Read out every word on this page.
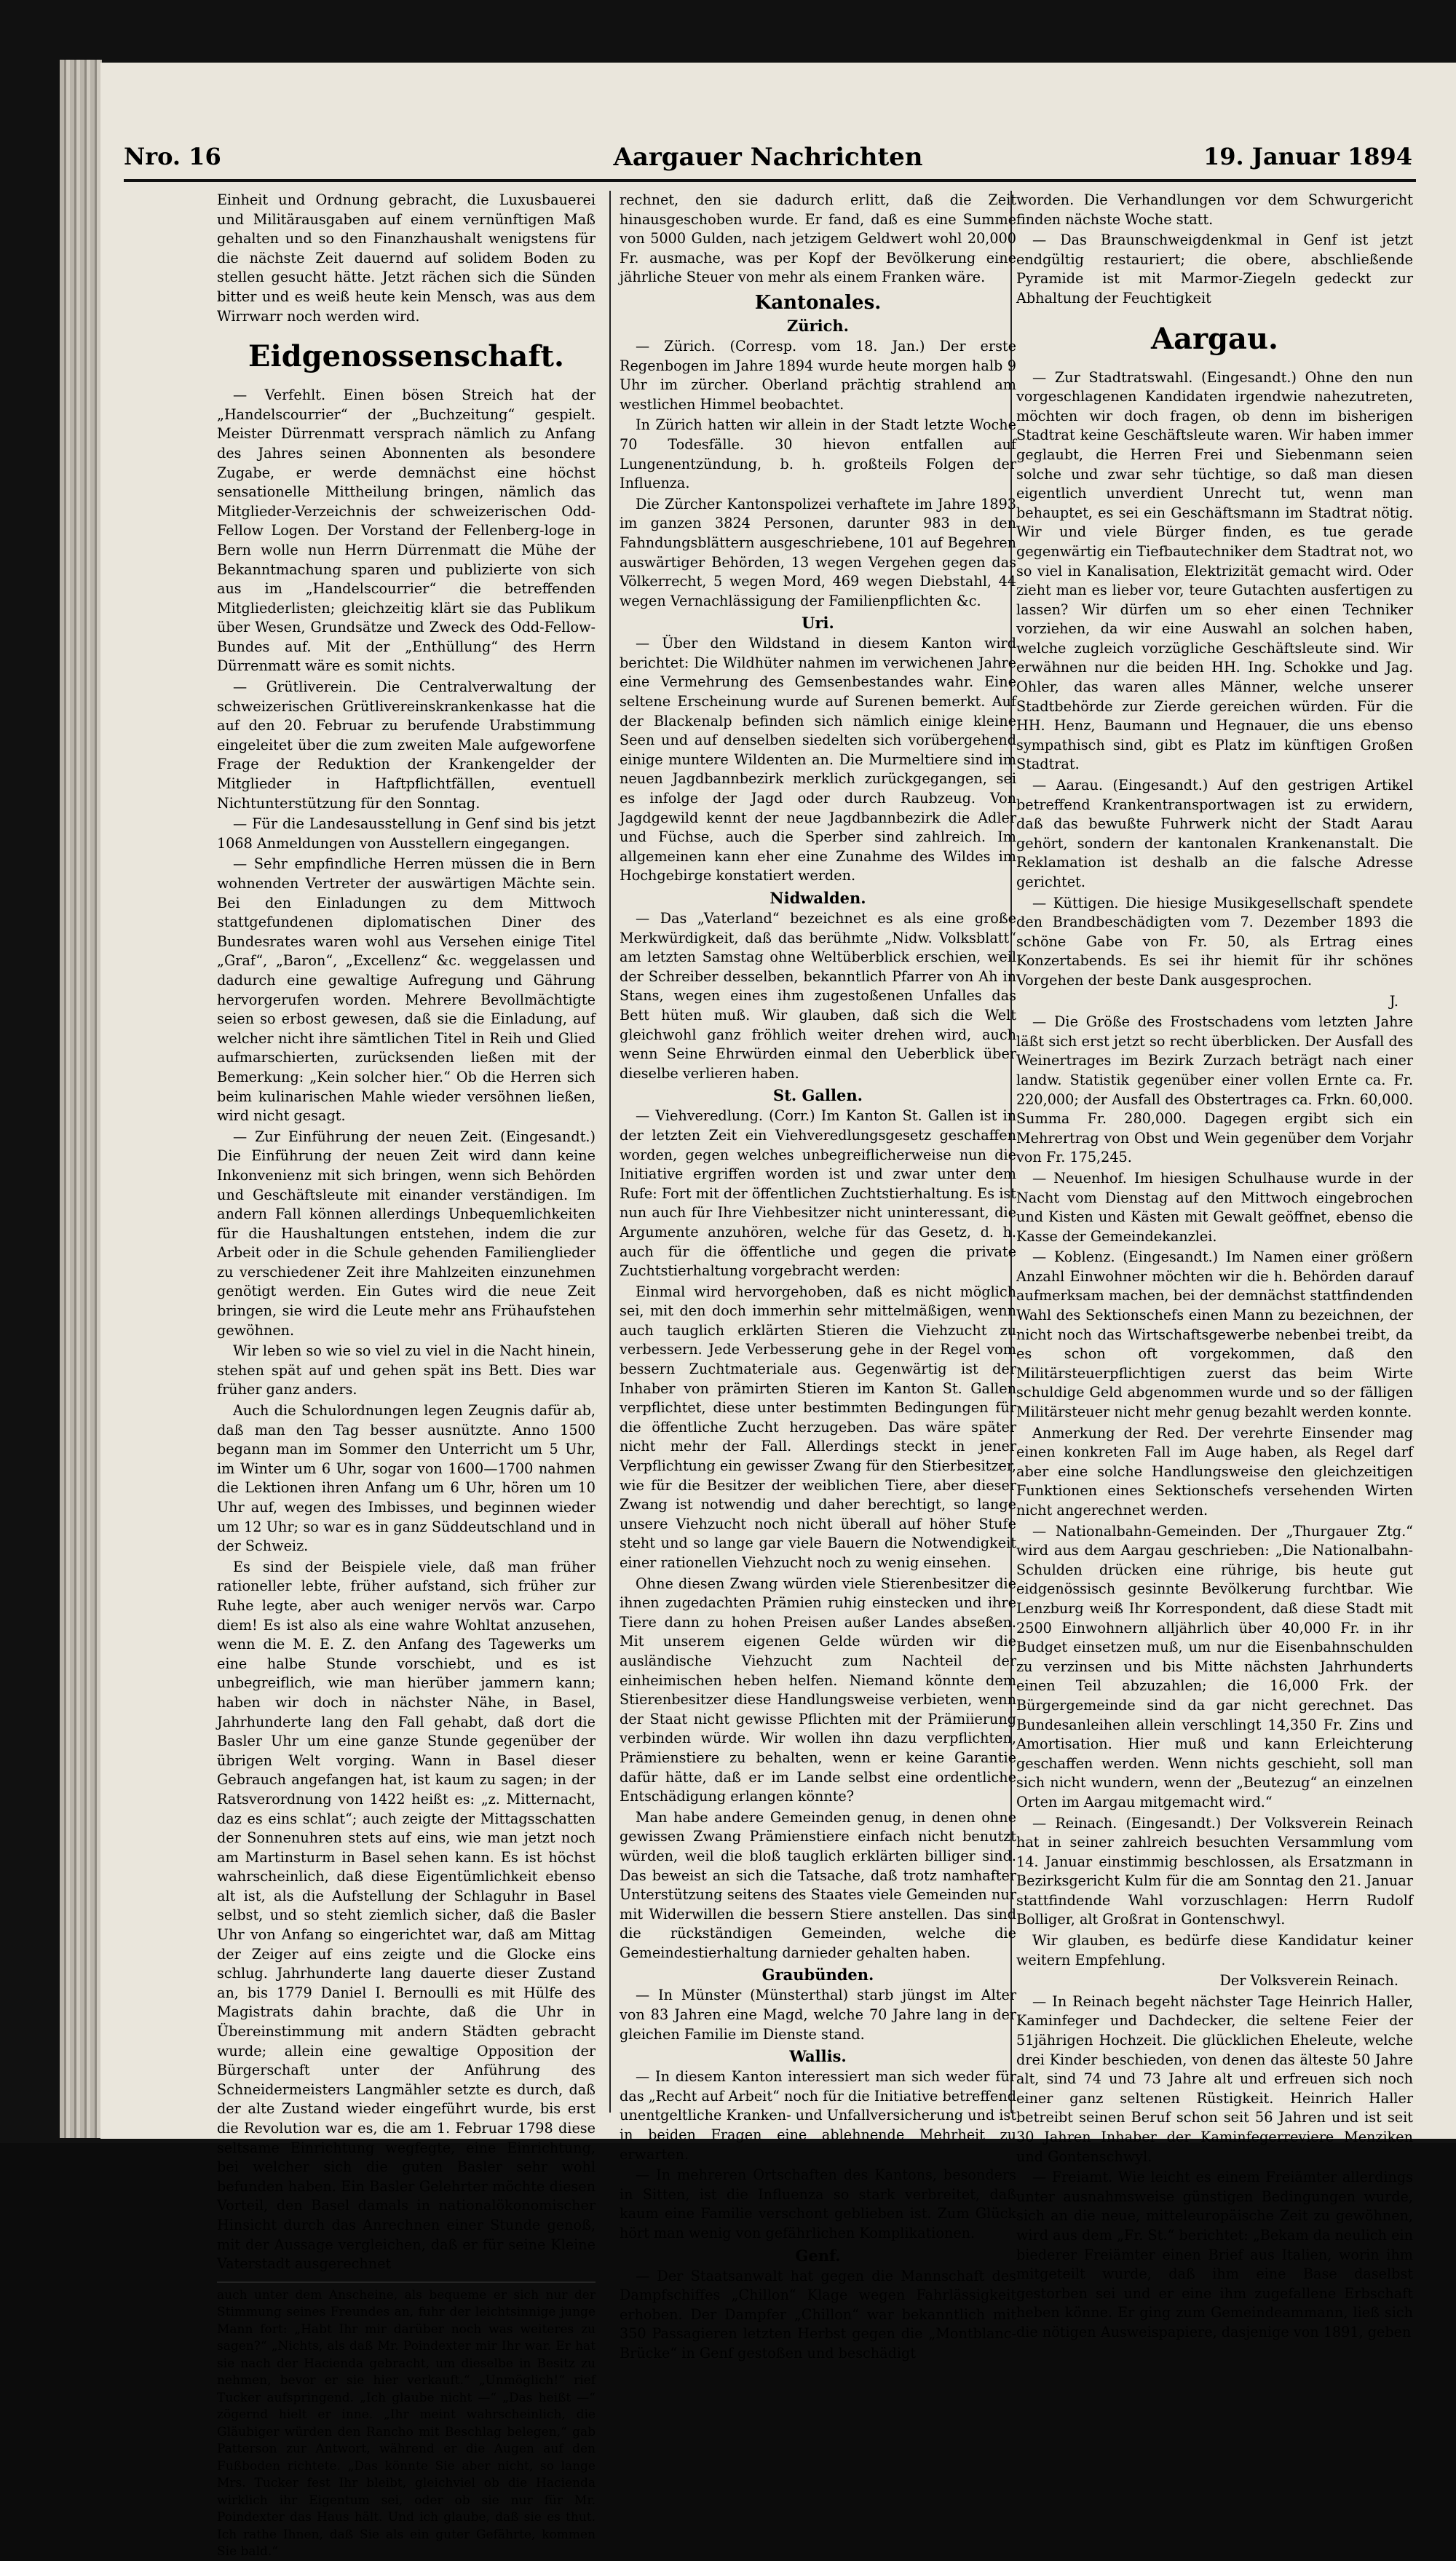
Nro. 16	Aargauer Nachrichten	19. Januar 1894

Einheit und Ordnung gebracht, die Luxusbauerei und Militärausgaben auf einem vernünftigen Maß gehalten und so den Finanzhaushalt wenigstens für die nächste Zeit dauernd auf solidem Boden zu stellen gesucht hätte. Jetzt rächen sich die Sünden bitter und es weiß heute kein Mensch, was aus dem Wirrwarr noch werden wird.

Eidgenossenschaft.

— Verfehlt. Einen bösen Streich hat der „Handelscourrier“ der „Buchzeitung“ gespielt. Meister Dürrenmatt versprach nämlich zu Anfang des Jahres seinen Abonnenten als besondere Zugabe, er werde demnächst eine höchst sensationelle Mittheilung bringen, nämlich das Mitglieder-Verzeichnis der schweizerischen Odd-Fellow Logen. Der Vorstand der Fellenberg-loge in Bern wolle nun Herrn Dürrenmatt die Mühe der Bekanntmachung sparen und publizierte von sich aus im „Handelscourrier“ die betreffenden Mitgliederlisten; gleichzeitig klärt sie das Publikum über Wesen, Grundsätze und Zweck des Odd-Fellow-Bundes auf. Mit der „Enthüllung“ des Herrn Dürrenmatt wäre es somit nichts.

— Grütliverein. Die Centralverwaltung der schweizerischen Grütlivereinskrankenkasse hat die auf den 20. Februar zu berufende Urabstimmung eingeleitet über die zum zweiten Male aufgeworfene Frage der Reduktion der Krankengelder der Mitglieder in Haftpflichtfällen, eventuell Nichtunterstützung für den Sonntag.

— Für die Landesausstellung in Genf sind bis jetzt 1068 Anmeldungen von Ausstellern eingegangen.

— Sehr empfindliche Herren müssen die in Bern wohnenden Vertreter der auswärtigen Mächte sein. Bei den Einladungen zu dem Mittwoch stattgefundenen diplomatischen Diner des Bundesrates waren wohl aus Versehen einige Titel „Graf“, „Baron“, „Excellenz“ &c. weggelassen und dadurch eine gewaltige Aufregung und Gährung hervorgerufen worden. Mehrere Bevollmächtigte seien so erbost gewesen, daß sie die Einladung, auf welcher nicht ihre sämtlichen Titel in Reih und Glied aufmarschierten, zurücksenden ließen mit der Bemerkung: „Kein solcher hier.“ Ob die Herren sich beim kulinarischen Mahle wieder versöhnen ließen, wird nicht gesagt.

— Zur Einführung der neuen Zeit. (Eingesandt.) Die Einführung der neuen Zeit wird dann keine Inkonvenienz mit sich bringen, wenn sich Behörden und Geschäftsleute mit einander verständigen. Im andern Fall können allerdings Unbequemlichkeiten für die Haushaltungen entstehen, indem die zur Arbeit oder in die Schule gehenden Familienglieder zu verschiedener Zeit ihre Mahlzeiten einzunehmen genötigt werden. Ein Gutes wird die neue Zeit bringen, sie wird die Leute mehr ans Frühaufstehen gewöhnen.

Wir leben so wie so viel zu viel in die Nacht hinein, stehen spät auf und gehen spät ins Bett. Dies war früher ganz anders.

Auch die Schulordnungen legen Zeugnis dafür ab, daß man den Tag besser ausnützte. Anno 1500 begann man im Sommer den Unterricht um 5 Uhr, im Winter um 6 Uhr, sogar von 1600—1700 nahmen die Lektionen ihren Anfang um 6 Uhr, hören um 10 Uhr auf, wegen des Imbisses, und beginnen wieder um 12 Uhr; so war es in ganz Süddeutschland und in der Schweiz.

Es sind der Beispiele viele, daß man früher rationeller lebte, früher aufstand, sich früher zur Ruhe legte, aber auch weniger nervös war. Carpo diem! Es ist also als eine wahre Wohltat anzusehen, wenn die M. E. Z. den Anfang des Tagewerks um eine halbe Stunde vorschiebt, und es ist unbegreiflich, wie man hierüber jammern kann; haben wir doch in nächster Nähe, in Basel, Jahrhunderte lang den Fall gehabt, daß dort die Basler Uhr um eine ganze Stunde gegenüber der übrigen Welt vorging. Wann in Basel dieser Gebrauch angefangen hat, ist kaum zu sagen; in der Ratsverordnung von 1422 heißt es: „z. Mitternacht, daz es eins schlat“; auch zeigte der Mittagsschatten der Sonnenuhren stets auf eins, wie man jetzt noch am Martinsturm in Basel sehen kann. Es ist höchst wahrscheinlich, daß diese Eigentümlichkeit ebenso alt ist, als die Aufstellung der Schlaguhr in Basel selbst, und so steht ziemlich sicher, daß die Basler Uhr von Anfang so eingerichtet war, daß am Mittag der Zeiger auf eins zeigte und die Glocke eins schlug. Jahrhunderte lang dauerte dieser Zustand an, bis 1779 Daniel I. Bernoulli es mit Hülfe des Magistrats dahin brachte, daß die Uhr in Übereinstimmung mit andern Städten gebracht wurde; allein eine gewaltige Opposition der Bürgerschaft unter der Anführung des Schneidermeisters Langmähler setzte es durch, daß der alte Zustand wieder eingeführt wurde, bis erst die Revolution war es, die am 1. Februar 1798 diese seltsame Einrichtung wegfegte, eine Einrichtung, bei welcher sich die guten Basler sehr wohl befunden haben. Ein Basler Gelehrter möchte diesen Vorteil, den Basel damals in nationalökonomischer Hinsicht durch das Anrechnen einer Stunde genoß, mit der Aussage vergleichen, daß er für seine Kleine Vaterstadt ausgerechnet

auch unter dem Anscheine, als bequeme er sich nur der Stimmung seines Freundes an, fuhr der leichtsinnige junge Mann fort: „Habt Ihr mir darüber noch was weiteres zu sagen?“ „Nichts, als daß Mr. Poindexter mir Ihr war. Er hat sie nach der Hacienda gebracht, um dieselbe in Besitz zu nehmen, bevor er sie hier verkauft.“ „Unmöglich!“ rief Tucker aufspringend. „Ich glaube nicht —“ „Das heißt —“ zögernd hielt er inne. „Ihr meint wahrscheinlich, die Gläubiger würden den Rancho mit Beschlag belegen,“ gab Patterson zur Antwort, während er die Augen auf den Fußboden richtete. „Das könnte Sie aber nicht, so lange Mrs. Tucker fest Ihr bleibt, gleichviel ob die Hacienda wirklich ihr Eigentum sei, oder ob sie nur für Mr. Poindexter das Haus hält. Und ich glaube, daß sie es thut. Ich rathe Ihnen, daß Sie als ein guter Gefährte, kommen Sie bald.“

rechnet, den sie dadurch erlitt, daß die Zeit hinausgeschoben wurde. Er fand, daß es eine Summe von 5000 Gulden, nach jetzigem Geldwert wohl 20,000 Fr. ausmache, was per Kopf der Bevölkerung eine jährliche Steuer von mehr als einem Franken wäre.

Kantonales.
Zürich.

— Zürich. (Corresp. vom 18. Jan.) Der erste Regenbogen im Jahre 1894 wurde heute morgen halb 9 Uhr im zürcher. Oberland prächtig strahlend am westlichen Himmel beobachtet.

In Zürich hatten wir allein in der Stadt letzte Woche 70 Todesfälle. 30 hievon entfallen auf Lungenentzündung, b. h. großteils Folgen der Influenza.

Die Zürcher Kantonspolizei verhaftete im Jahre 1893 im ganzen 3824 Personen, darunter 983 in den Fahndungsblättern ausgeschriebene, 101 auf Begehren auswärtiger Behörden, 13 wegen Vergehen gegen das Völkerrecht, 5 wegen Mord, 469 wegen Diebstahl, 44 wegen Vernachlässigung der Familienpflichten &c.

Uri.

— Über den Wildstand in diesem Kanton wird berichtet: Die Wildhüter nahmen im verwichenen Jahre eine Vermehrung des Gemsenbestandes wahr. Eine seltene Erscheinung wurde auf Surenen bemerkt. Auf der Blackenalp befinden sich nämlich einige kleine Seen und auf denselben siedelten sich vorübergehend einige muntere Wildenten an. Die Murmeltiere sind im neuen Jagdbannbezirk merklich zurückgegangen, sei es infolge der Jagd oder durch Raubzeug. Von Jagdgewild kennt der neue Jagdbannbezirk die Adler und Füchse, auch die Sperber sind zahlreich. Im allgemeinen kann eher eine Zunahme des Wildes im Hochgebirge konstatiert werden.

Nidwalden.

— Das „Vaterland“ bezeichnet es als eine große Merkwürdigkeit, daß das berühmte „Nidw. Volksblatt“ am letzten Samstag ohne Weltüberblick erschien, weil der Schreiber desselben, bekanntlich Pfarrer von Ah in Stans, wegen eines ihm zugestoßenen Unfalles das Bett hüten muß. Wir glauben, daß sich die Welt gleichwohl ganz fröhlich weiter drehen wird, auch wenn Seine Ehrwürden einmal den Ueberblick über dieselbe verlieren haben.

St. Gallen.

— Viehveredlung. (Corr.) Im Kanton St. Gallen ist in der letzten Zeit ein Viehveredlungsgesetz geschaffen worden, gegen welches unbegreiflicherweise nun die Initiative ergriffen worden ist und zwar unter dem Rufe: Fort mit der öffentlichen Zuchtstierhaltung. Es ist nun auch für Ihre Viehbesitzer nicht uninteressant, die Argumente anzuhören, welche für das Gesetz, d. h. auch für die öffentliche und gegen die private Zuchtstierhaltung vorgebracht werden:

Einmal wird hervorgehoben, daß es nicht möglich sei, mit den doch immerhin sehr mittelmäßigen, wenn auch tauglich erklärten Stieren die Viehzucht zu verbessern. Jede Verbesserung gehe in der Regel vom bessern Zuchtmateriale aus. Gegenwärtig ist der Inhaber von prämirten Stieren im Kanton St. Gallen verpflichtet, diese unter bestimmten Bedingungen für die öffentliche Zucht herzugeben. Das wäre später nicht mehr der Fall. Allerdings steckt in jener Verpflichtung ein gewisser Zwang für den Stierbesitzer, wie für die Besitzer der weiblichen Tiere, aber dieser Zwang ist notwendig und daher berechtigt, so lange unsere Viehzucht noch nicht überall auf höher Stufe steht und so lange gar viele Bauern die Notwendigkeit einer rationellen Viehzucht noch zu wenig einsehen.

Ohne diesen Zwang würden viele Stierenbesitzer die ihnen zugedachten Prämien ruhig einstecken und ihre Tiere dann zu hohen Preisen außer Landes abseßen. Mit unserem eigenen Gelde würden wir die ausländische Viehzucht zum Nachteil der einheimischen heben helfen. Niemand könnte dem Stierenbesitzer diese Handlungsweise verbieten, wenn der Staat nicht gewisse Pflichten mit der Prämiierung verbinden würde. Wir wollen ihn dazu verpflichten, Prämienstiere zu behalten, wenn er keine Garantie dafür hätte, daß er im Lande selbst eine ordentliche Entschädigung erlangen könnte?

Man habe andere Gemeinden genug, in denen ohne gewissen Zwang Prämienstiere einfach nicht benutzt würden, weil die bloß tauglich erklärten billiger sind. Das beweist an sich die Tatsache, daß trotz namhafter Unterstützung seitens des Staates viele Gemeinden nur mit Widerwillen die bessern Stiere anstellen. Das sind die rückständigen Gemeinden, welche die Gemeindestierhaltung darnieder gehalten haben.

Graubünden.

— In Münster (Münsterthal) starb jüngst im Alter von 83 Jahren eine Magd, welche 70 Jahre lang in der gleichen Familie im Dienste stand.

Wallis.

— In diesem Kanton interessiert man sich weder für das „Recht auf Arbeit“ noch für die Initiative betreffend unentgeltliche Kranken- und Unfallversicherung und ist in beiden Fragen eine ablehnende Mehrheit zu erwarten.

— In mehreren Ortschaften des Kantons, besonders in Sitten, ist die Influenza so stark verbreitet, daß kaum eine Familie verschont geblieben ist. Zum Glück hört man wenig von gefährlichen Komplikationen.

Genf.

— Der Staatsanwalt hat gegen die Mannschaft des Dampfschiffes „Chillon“ Klage wegen Fahrlässigkeit erhoben. Der Dampfer „Chillon“ war bekanntlich mit 350 Passagieren letzten Herbst gegen die „Montblanc-Brücke“ in Genf gestoßen und beschädigt

worden. Die Verhandlungen vor dem Schwurgericht finden nächste Woche statt.

— Das Braunschweigdenkmal in Genf ist jetzt endgültig restauriert; die obere, abschließende Pyramide ist mit Marmor-Ziegeln gedeckt zur Abhaltung der Feuchtigkeit

Aargau.

— Zur Stadtratswahl. (Eingesandt.) Ohne den nun vorgeschlagenen Kandidaten irgendwie nahezutreten, möchten wir doch fragen, ob denn im bisherigen Stadtrat keine Geschäftsleute waren. Wir haben immer geglaubt, die Herren Frei und Siebenmann seien solche und zwar sehr tüchtige, so daß man diesen eigentlich unverdient Unrecht tut, wenn man behauptet, es sei ein Geschäftsmann im Stadtrat nötig. Wir und viele Bürger finden, es tue gerade gegenwärtig ein Tiefbautechniker dem Stadtrat not, wo so viel in Kanalisation, Elektrizität gemacht wird. Oder zieht man es lieber vor, teure Gutachten ausfertigen zu lassen? Wir dürfen um so eher einen Techniker vorziehen, da wir eine Auswahl an solchen haben, welche zugleich vorzügliche Geschäftsleute sind. Wir erwähnen nur die beiden HH. Ing. Schokke und Jag. Ohler, das waren alles Männer, welche unserer Stadtbehörde zur Zierde gereichen würden. Für die HH. Henz, Baumann und Hegnauer, die uns ebenso sympathisch sind, gibt es Platz im künftigen Großen Stadtrat.

— Aarau. (Eingesandt.) Auf den gestrigen Artikel betreffend Krankentransportwagen ist zu erwidern, daß das bewußte Fuhrwerk nicht der Stadt Aarau gehört, sondern der kantonalen Krankenanstalt. Die Reklamation ist deshalb an die falsche Adresse gerichtet.

— Küttigen. Die hiesige Musikgesellschaft spendete den Brandbeschädigten vom 7. Dezember 1893 die schöne Gabe von Fr. 50, als Ertrag eines Konzertabends. Es sei ihr hiemit für ihr schönes Vorgehen der beste Dank ausgesprochen.

J.

— Die Größe des Frostschadens vom letzten Jahre läßt sich erst jetzt so recht überblicken. Der Ausfall des Weinertrages im Bezirk Zurzach beträgt nach einer landw. Statistik gegenüber einer vollen Ernte ca. Fr. 220,000; der Ausfall des Obstertrages ca. Frkn. 60,000. Summa Fr. 280,000. Dagegen ergibt sich ein Mehrertrag von Obst und Wein gegenüber dem Vorjahr von Fr. 175,245.

— Neuenhof. Im hiesigen Schulhause wurde in der Nacht vom Dienstag auf den Mittwoch eingebrochen und Kisten und Kästen mit Gewalt geöffnet, ebenso die Kasse der Gemeindekanzlei.

— Koblenz. (Eingesandt.) Im Namen einer größern Anzahl Einwohner möchten wir die h. Behörden darauf aufmerksam machen, bei der demnächst stattfindenden Wahl des Sektionschefs einen Mann zu bezeichnen, der nicht noch das Wirtschaftsgewerbe nebenbei treibt, da es schon oft vorgekommen, daß den Militärsteuerpflichtigen zuerst das beim Wirte schuldige Geld abgenommen wurde und so der fälligen Militärsteuer nicht mehr genug bezahlt werden konnte.

Anmerkung der Red. Der verehrte Einsender mag einen konkreten Fall im Auge haben, als Regel darf aber eine solche Handlungsweise den gleichzeitigen Funktionen eines Sektionschefs versehenden Wirten nicht angerechnet werden.

— Nationalbahn-Gemeinden. Der „Thurgauer Ztg.“ wird aus dem Aargau geschrieben: „Die Nationalbahn-Schulden drücken eine rührige, bis heute gut eidgenössisch gesinnte Bevölkerung furchtbar. Wie Lenzburg weiß Ihr Korrespondent, daß diese Stadt mit 2500 Einwohnern alljährlich über 40,000 Fr. in ihr Budget einsetzen muß, um nur die Eisenbahnschulden zu verzinsen und bis Mitte nächsten Jahrhunderts einen Teil abzuzahlen; die 16,000 Frk. der Bürgergemeinde sind da gar nicht gerechnet. Das Bundesanleihen allein verschlingt 14,350 Fr. Zins und Amortisation. Hier muß und kann Erleichterung geschaffen werden. Wenn nichts geschieht, soll man sich nicht wundern, wenn der „Beutezug“ an einzelnen Orten im Aargau mitgemacht wird.“

— Reinach. (Eingesandt.) Der Volksverein Reinach hat in seiner zahlreich besuchten Versammlung vom 14. Januar einstimmig beschlossen, als Ersatzmann in Bezirksgericht Kulm für die am Sonntag den 21. Januar stattfindende Wahl vorzuschlagen: Herrn Rudolf Bolliger, alt Großrat in Gontenschwyl.

Wir glauben, es bedürfe diese Kandidatur keiner weitern Empfehlung.

Der Volksverein Reinach.

— In Reinach begeht nächster Tage Heinrich Haller, Kaminfeger und Dachdecker, die seltene Feier der 51jährigen Hochzeit. Die glücklichen Eheleute, welche drei Kinder beschieden, von denen das älteste 50 Jahre alt, sind 74 und 73 Jahre alt und erfreuen sich noch einer ganz seltenen Rüstigkeit. Heinrich Haller betreibt seinen Beruf schon seit 56 Jahren und ist seit 30 Jahren Inhaber der Kaminfegerreviere Menziken und Gontenschwyl.

— Freiamt. Wie leicht es einem Freiämter allerdings unter ausnahmsweise günstigen Bedingungen wurde, sich an die neue, mitteleuropäische Zeit zu gewöhnen, wird aus dem „Fr. St.“ berichtet: „Bekam da neulich ein biederer Freiämter einen Brief aus Italien, worin ihm mitgeteilt wurde, daß ihm eine Base daselbst gestorben sei und er eine ihm zugefallene Erbschaft heben könne. Er ging zum Gemeindeammann, ließ sich die nötigen Ausweispapiere, dasjenige von 1891, geben
